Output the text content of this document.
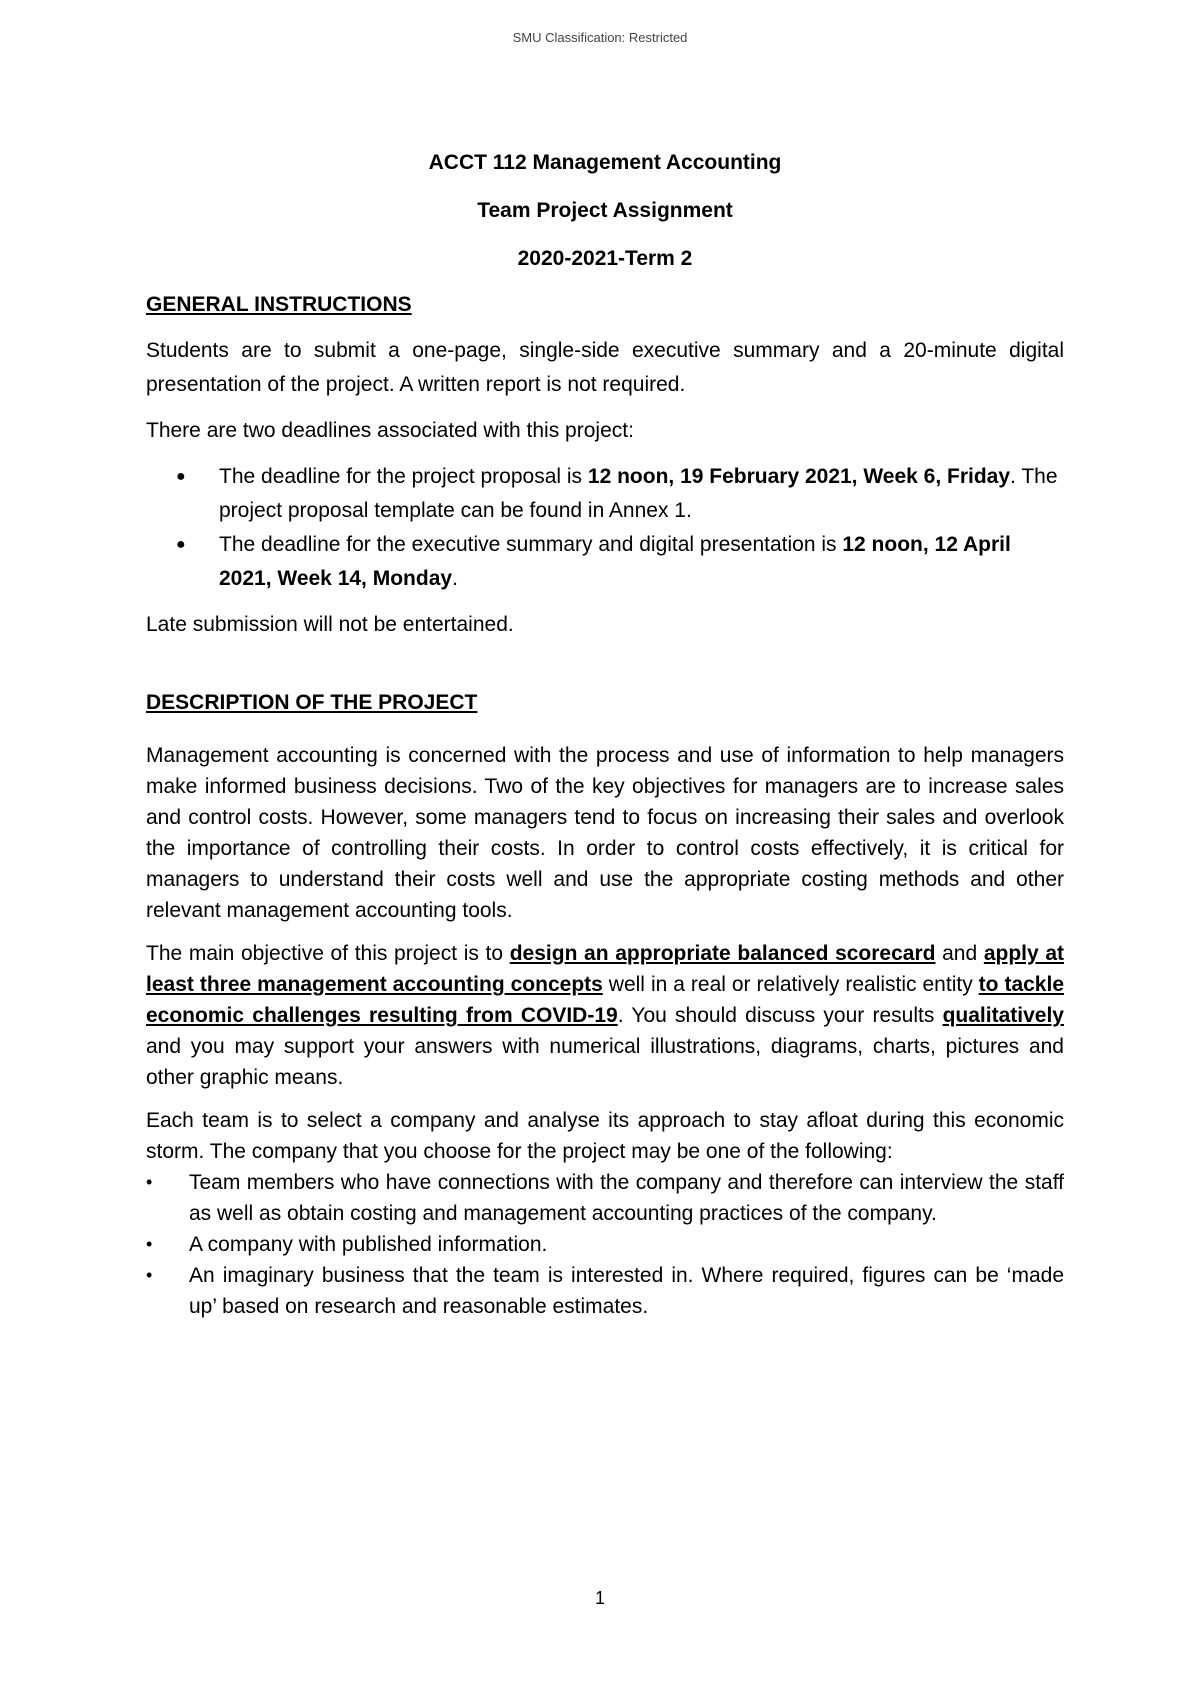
SMU Classification: Restricted

ACCT 112 Management Accounting

Team Project Assignment

2020-2021-Term 2

GENERAL INSTRUCTIONS

Students are to submit a one-page, single-side executive summary and a 20-minute digital presentation of the project. A written report is not required.

There are two deadlines associated with this project:

● The deadline for the project proposal is 12 noon, 19 February 2021, Week 6, Friday. The project proposal template can be found in Annex 1.
● The deadline for the executive summary and digital presentation is 12 noon, 12 April 2021, Week 14, Monday.

Late submission will not be entertained.

DESCRIPTION OF THE PROJECT

Management accounting is concerned with the process and use of information to help managers make informed business decisions. Two of the key objectives for managers are to increase sales and control costs. However, some managers tend to focus on increasing their sales and overlook the importance of controlling their costs. In order to control costs effectively, it is critical for managers to understand their costs well and use the appropriate costing methods and other relevant management accounting tools.

The main objective of this project is to design an appropriate balanced scorecard and apply at least three management accounting concepts well in a real or relatively realistic entity to tackle economic challenges resulting from COVID-19. You should discuss your results qualitatively and you may support your answers with numerical illustrations, diagrams, charts, pictures and other graphic means.

Each team is to select a company and analyse its approach to stay afloat during this economic storm. The company that you choose for the project may be one of the following:

• Team members who have connections with the company and therefore can interview the staff as well as obtain costing and management accounting practices of the company.
• A company with published information.
• An imaginary business that the team is interested in. Where required, figures can be ‘made up’ based on research and reasonable estimates.
1
